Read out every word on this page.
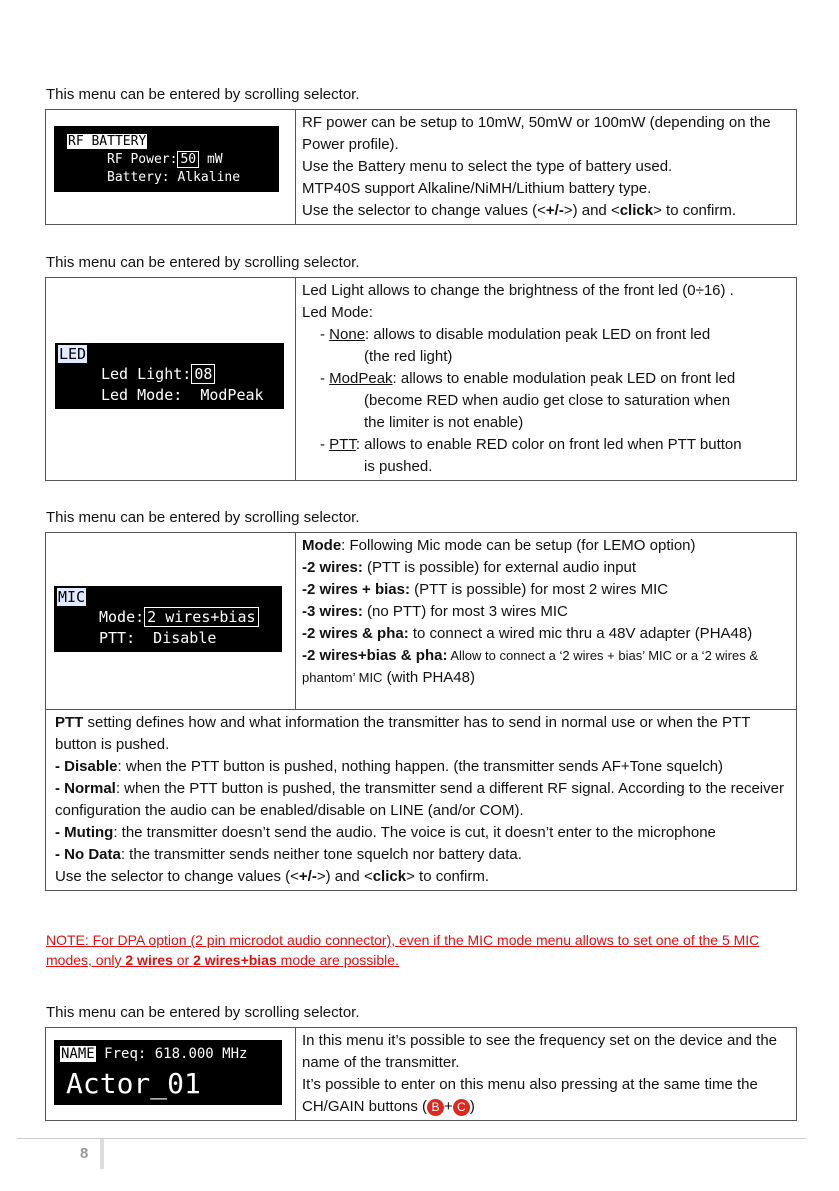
This menu can be entered by scrolling selector.
RF BATTERY
RF Power: 50 mW
Battery: Alkaline

RF power can be setup to 10mW, 50mW or 100mW (depending on the Power profile).
Use the Battery menu to select the type of battery used.
MTP40S support Alkaline/NiMH/Lithium battery type.
Use the selector to change values (<+/->) and <click> to confirm.
This menu can be entered by scrolling selector.
LED
Led Light: 08
Led Mode:  ModPeak

Led Light allows to change the brightness of the front led (0÷16) .
Led Mode:
- None: allows to disable modulation peak LED on front led
(the red light)
- ModPeak: allows to enable modulation peak LED on front led
(become RED when audio get close to saturation when
the limiter is not enable)
- PTT: allows to enable RED color on front led when PTT button
is pushed.
This menu can be entered by scrolling selector.
MIC
Mode: 2 wires+bias
PTT:  Disable

Mode: Following Mic mode can be setup (for LEMO option)
-2 wires: (PTT is possible) for external audio input
-2 wires + bias: (PTT is possible) for most 2 wires MIC
-3 wires: (no PTT) for most 3 wires MIC
-2 wires & pha: to connect a wired mic thru a 48V adapter (PHA48)
-2 wires+bias & pha: Allow to connect a ‘2 wires + bias’ MIC or a ‘2 wires & phantom’ MIC (with PHA48)

PTT setting defines how and what information the transmitter has to send in normal use or when the PTT button is pushed.
- Disable: when the PTT button is pushed, nothing happen. (the transmitter sends AF+Tone squelch)
- Normal: when the PTT button is pushed, the transmitter send a different RF signal. According to the receiver configuration the audio can be enabled/disable on LINE (and/or COM).
- Muting: the transmitter doesn’t send the audio. The voice is cut, it doesn’t enter to the microphone
- No Data: the transmitter sends neither tone squelch nor battery data.
Use the selector to change values (<+/->) and <click> to confirm.
NOTE: For DPA option (2 pin microdot audio connector), even if the MIC mode menu allows to set one of the 5 MIC modes, only 2 wires or 2 wires+bias mode are possible.
This menu can be entered by scrolling selector.
NAME Freq: 618.000 MHz
Actor_01

In this menu it’s possible to see the frequency set on the device and the name of the transmitter.
It’s possible to enter on this menu also pressing at the same time the CH/GAIN buttons ( B + C )
8
